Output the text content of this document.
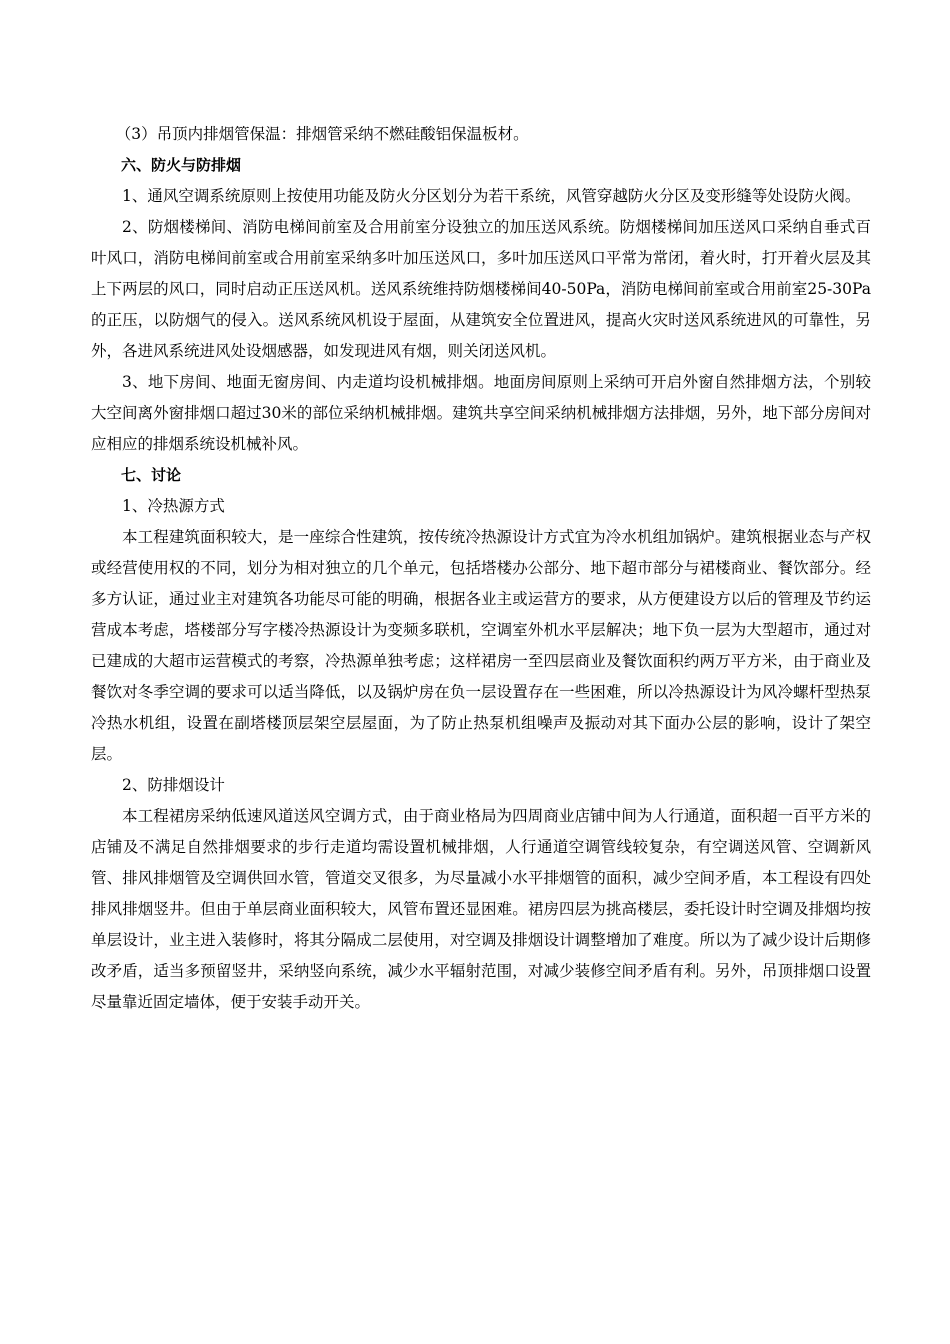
（3）吊顶内排烟管保温：排烟管采纳不燃硅酸铝保温板材。

六、防火与防排烟

1、通风空调系统原则上按使用功能及防火分区划分为若干系统，风管穿越防火分区及变形缝等处设防火阀。

2、防烟楼梯间、消防电梯间前室及合用前室分设独立的加压送风系统。防烟楼梯间加压送风口采纳自垂式百叶风口，消防电梯间前室或合用前室采纳多叶加压送风口，多叶加压送风口平常为常闭，着火时，打开着火层及其上下两层的风口，同时启动正压送风机。送风系统维持防烟楼梯间40-50Pa，消防电梯间前室或合用前室25-30Pa的正压，以防烟气的侵入。送风系统风机设于屋面，从建筑安全位置进风，提高火灾时送风系统进风的可靠性，另外，各进风系统进风处设烟感器，如发现进风有烟，则关闭送风机。

3、地下房间、地面无窗房间、内走道均设机械排烟。地面房间原则上采纳可开启外窗自然排烟方法，个别较大空间离外窗排烟口超过30米的部位采纳机械排烟。建筑共享空间采纳机械排烟方法排烟，另外，地下部分房间对应相应的排烟系统设机械补风。

七、讨论

1、冷热源方式

本工程建筑面积较大，是一座综合性建筑，按传统冷热源设计方式宜为冷水机组加锅炉。建筑根据业态与产权或经营使用权的不同，划分为相对独立的几个单元，包括塔楼办公部分、地下超市部分与裙楼商业、餐饮部分。经多方认证，通过业主对建筑各功能尽可能的明确，根据各业主或运营方的要求，从方便建设方以后的管理及节约运营成本考虑，塔楼部分写字楼冷热源设计为变频多联机，空调室外机水平层解决；地下负一层为大型超市，通过对已建成的大超市运营模式的考察，冷热源单独考虑；这样裙房一至四层商业及餐饮面积约两万平方米，由于商业及餐饮对冬季空调的要求可以适当降低，以及锅炉房在负一层设置存在一些困难，所以冷热源设计为风冷螺杆型热泵冷热水机组，设置在副塔楼顶层架空层屋面，为了防止热泵机组噪声及振动对其下面办公层的影响，设计了架空层。

2、防排烟设计

本工程裙房采纳低速风道送风空调方式，由于商业格局为四周商业店铺中间为人行通道，面积超一百平方米的店铺及不满足自然排烟要求的步行走道均需设置机械排烟，人行通道空调管线较复杂，有空调送风管、空调新风管、排风排烟管及空调供回水管，管道交叉很多，为尽量减小水平排烟管的面积，减少空间矛盾，本工程设有四处排风排烟竖井。但由于单层商业面积较大，风管布置还显困难。裙房四层为挑高楼层，委托设计时空调及排烟均按单层设计，业主进入装修时，将其分隔成二层使用，对空调及排烟设计调整增加了难度。所以为了减少设计后期修改矛盾，适当多预留竖井，采纳竖向系统，减少水平辐射范围，对减少装修空间矛盾有利。另外，吊顶排烟口设置尽量靠近固定墙体，便于安装手动开关。
